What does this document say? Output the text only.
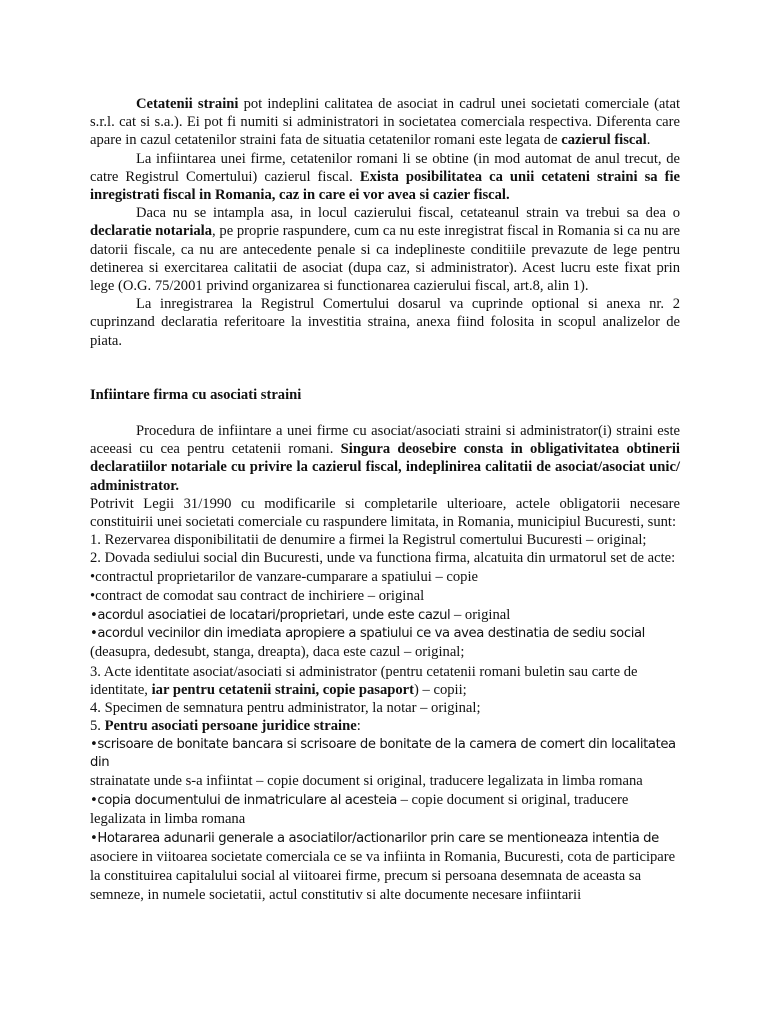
Cetatenii straini pot indeplini calitatea de asociat in cadrul unei societati comerciale (atat s.r.l. cat si s.a.). Ei pot fi numiti si administratori in societatea comerciala respectiva. Diferenta care apare in cazul cetatenilor straini fata de situatia cetatenilor romani este legata de cazierul fiscal.

La infiintarea unei firme, cetatenilor romani li se obtine (in mod automat de anul trecut, de catre Registrul Comertului) cazierul fiscal. Exista posibilitatea ca unii cetateni straini sa fie inregistrati fiscal in Romania, caz in care ei vor avea si cazier fiscal.

Daca nu se intampla asa, in locul cazierului fiscal, cetateanul strain va trebui sa dea o declaratie notariala, pe proprie raspundere, cum ca nu este inregistrat fiscal in Romania si ca nu are datorii fiscale, ca nu are antecedente penale si ca indeplineste conditiile prevazute de lege pentru detinerea si exercitarea calitatii de asociat (dupa caz, si administrator). Acest lucru este fixat prin lege (O.G. 75/2001 privind organizarea si functionarea cazierului fiscal, art.8, alin 1).

La inregistrarea la Registrul Comertului dosarul va cuprinde optional si anexa nr. 2 cuprinzand declaratia referitoare la investitia straina, anexa fiind folosita in scopul analizelor de piata.

Infiintare firma cu asociati straini

Procedura de infiintare a unei firme cu asociat/asociati straini si administrator(i) straini este aceeasi cu cea pentru cetatenii romani. Singura deosebire consta in obligativitatea obtinerii declaratiilor notariale cu privire la cazierul fiscal, indeplinirea calitatii de asociat/asociat unic/ administrator.

Potrivit Legii 31/1990 cu modificarile si completarile ulterioare, actele obligatorii necesare constituirii unei societati comerciale cu raspundere limitata, in Romania, municipiul Bucuresti, sunt:

1. Rezervarea disponibilitatii de denumire a firmei la Registrul comertului Bucuresti – original;

2. Dovada sediului social din Bucuresti, unde va functiona firma, alcatuita din urmatorul set de acte:

•contractul proprietarilor de vanzare-cumparare a spatiului – copie

•contract de comodat sau contract de inchiriere – original

•acordul asociatiei de locatari/proprietari, unde este cazul – original

•acordul vecinilor din imediata apropiere a spatiului ce va avea destinatia de sediu social
(deasupra, dedesubt, stanga, dreapta), daca este cazul – original;

3. Acte identitate asociat/asociati si administrator (pentru cetatenii romani buletin sau carte de identitate, iar pentru cetatenii straini, copie pasaport) – copii;

4. Specimen de semnatura pentru administrator, la notar – original;

5. Pentru asociati persoane juridice straine:

•scrisoare de bonitate bancara si scrisoare de bonitate de la camera de comert din localitatea din
strainatate unde s-a infiintat – copie document si original, traducere legalizata in limba romana

•copia documentului de inmatriculare al acesteia – copie document si original, traducere
legalizata in limba romana

•Hotararea adunarii generale a asociatilor/actionarilor prin care se mentioneaza intentia de
asociere in viitoarea societate comerciala ce se va infiinta in Romania, Bucuresti, cota de participare la constituirea capitalului social al viitoarei firme, precum si persoana desemnata de aceasta sa semneze, in numele societatii, actul constitutiv si alte documente necesare infiintarii
